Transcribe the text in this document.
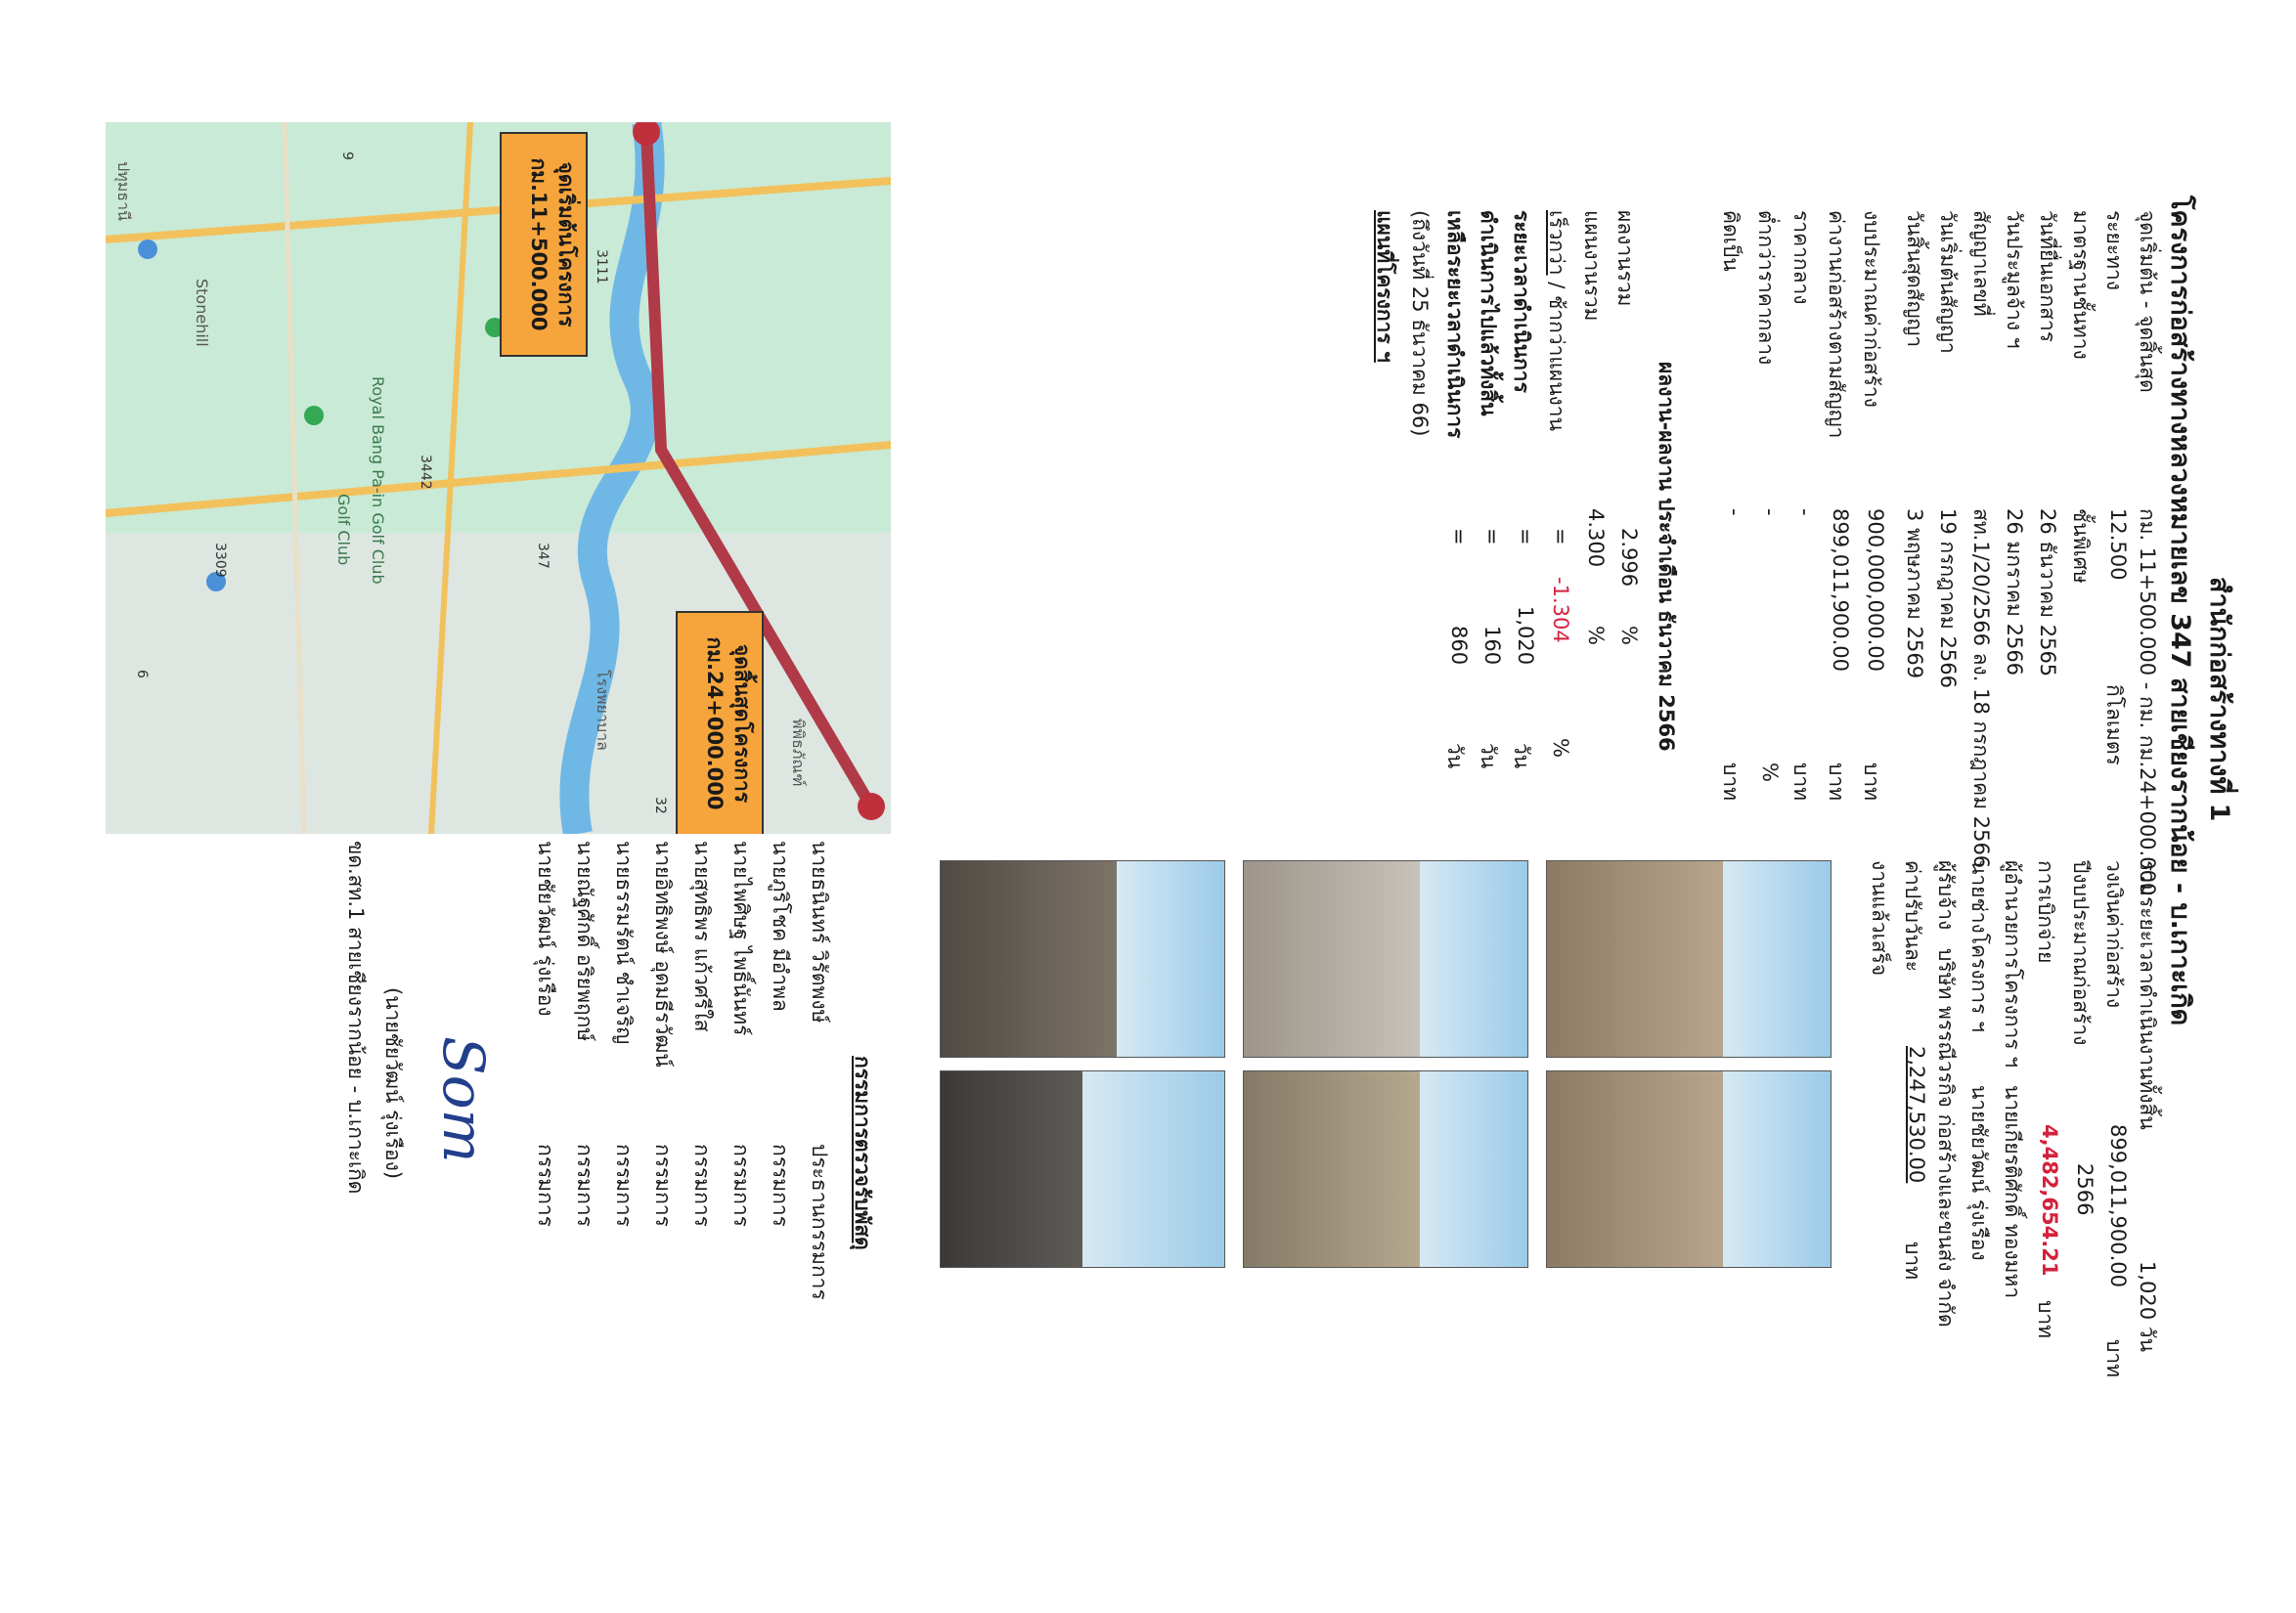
สำนักก่อสร้างทางที่ 1
โครงการก่อสร้างทางหลวงหมายเลข 347 สายเชียงรากน้อย - บ.เกาะเกิด
จุดเริ่มต้น - จุดสิ้นสุด
กม. 11+500.000 - กม. กม.24+000.000
ระยะทาง
12.500
กิโลเมตร
มาตรฐานชั้นทาง
ชั้นพิเศษ
วันที่ยื่นเอกสาร
26 ธันวาคม 2565
วันประมูลจ้าง ฯ
26 มกราคม 2566
สัญญาเลขที่
สท.1/20/2566 ลง. 18 กรกฎาคม 2566
วันเริ่มต้นสัญญา
19 กรกฎาคม 2566
วันสิ้นสุดสัญญา
3 พฤษภาคม 2569
งบประมาณค่าก่อสร้าง
900,000,000.00
บาท
ค่างานก่อสร้างตามสัญญา
899,011,900.00
บาท
ราคากลาง
-
บาท
ต่ำกว่าราคากลาง
-
%
คิดเป็น
-
บาท
ผลงาน-ผลงาน ประจำเดือน ธันวาคม 2566
ผลงานรวม
2.996
%
แผนงานรวม
4.300
%
เร็วกว่า / ช้ากว่าแผนงาน
=
-1.304
%
ระยะเวลาดำเนินการ
=
1,020
วัน
ดำเนินการไปแล้วทั้งสิ้น
=
160
วัน
เหลือระยะเวลาดำเนินการ
=
860
วัน
(ถึงวันที่ 25 ธันวาคม 66)
แผนที่โครงการ ฯ
รวมระยะเวลาดำเนินงานทั้งสิ้น
1,020 วัน
วงเงินค่าก่อสร้าง
899,011,900.00
บาท
ปีงบประมาณก่อสร้าง
2566
การเบิกจ่าย
4,482,654.21
บาท
ผู้อำนวยการโครงการ ฯ
นายเกียรติศักดิ์ ทองมหา
นายช่างโครงการ ฯ
นายชัยวัฒน์ รุ่งเรือง
ผู้รับจ้าง
บริษัท พรรณีวรกิจ ก่อสร้างและขนส่ง จำกัด
ค่าปรับวันละ
2,247,530.00
บาท
งานแล้วเสร็จ
Golf Club Royal Bang Pa-in Golf Club
Stonehill
พิพิธภัณฑ์
โรงพยาบาล
3309
3442
3111
347
32
9
6
ปทุมธานี	จุดเริ่มต้นโครงการ
กม.11+500.000
จุดสิ้นสุดโครงการ
กม.24+000.000
กรรมการตรวจรับพัสดุ
นายธนินทร์ วิรัตพงษ์
ประธานกรรมการ
นายภูริโชค มีอำพล
กรรมการ
นายไพศิษฐ ไพธิ์นันทร์
กรรมการ
นายสุทธิพร แก้วศรีใส
กรรมการ
นายอิทธิพงษ์ อุดมธีรวัฒน์
กรรมการ
นายธรรมรัตน์ ชำเจริญ
กรรมการ
นายณัฐศักดิ์ อริยพฤกษ์
กรรมการ
นายชัยวัฒน์ รุ่งเรือง
กรรมการ
Som
(นายชัยวัฒน์ รุ่งเรือง)
ขด.สท.1 สายเชียงรากน้อย - บ.เกาะเกิด
